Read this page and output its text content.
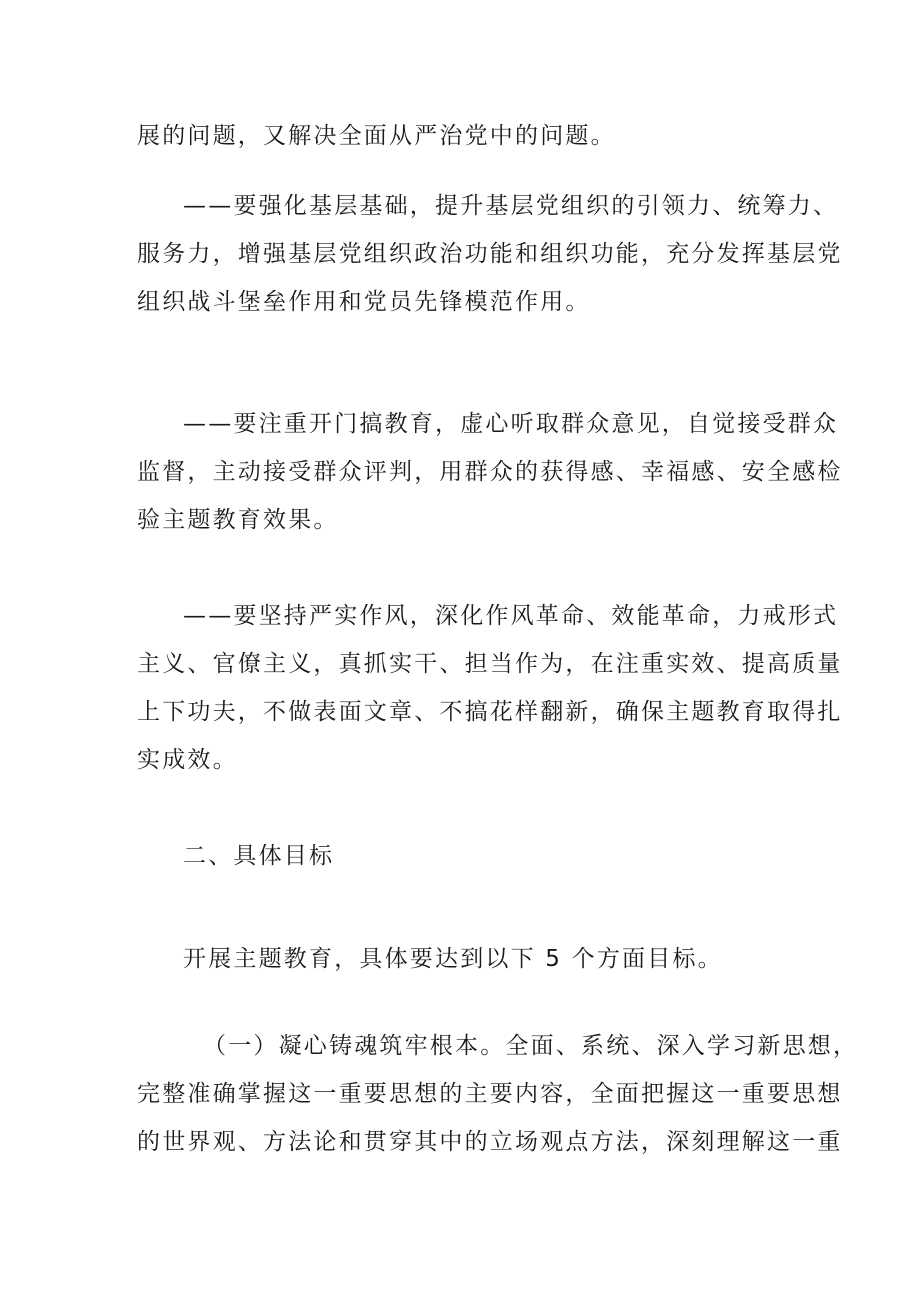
展的问题，又解决全面从严治党中的问题。

——要强化基层基础，提升基层党组织的引领力、统筹力、
服务力，增强基层党组织政治功能和组织功能，充分发挥基层党
组织战斗堡垒作用和党员先锋模范作用。

——要注重开门搞教育，虚心听取群众意见，自觉接受群众
监督，主动接受群众评判，用群众的获得感、幸福感、安全感检
验主题教育效果。

——要坚持严实作风，深化作风革命、效能革命，力戒形式
主义、官僚主义，真抓实干、担当作为，在注重实效、提高质量
上下功夫，不做表面文章、不搞花样翻新，确保主题教育取得扎
实成效。

二、具体目标

开展主题教育，具体要达到以下 5 个方面目标。

（一）凝心铸魂筑牢根本。全面、系统、深入学习新思想，
完整准确掌握这一重要思想的主要内容，全面把握这一重要思想
的世界观、方法论和贯穿其中的立场观点方法，深刻理解这一重
